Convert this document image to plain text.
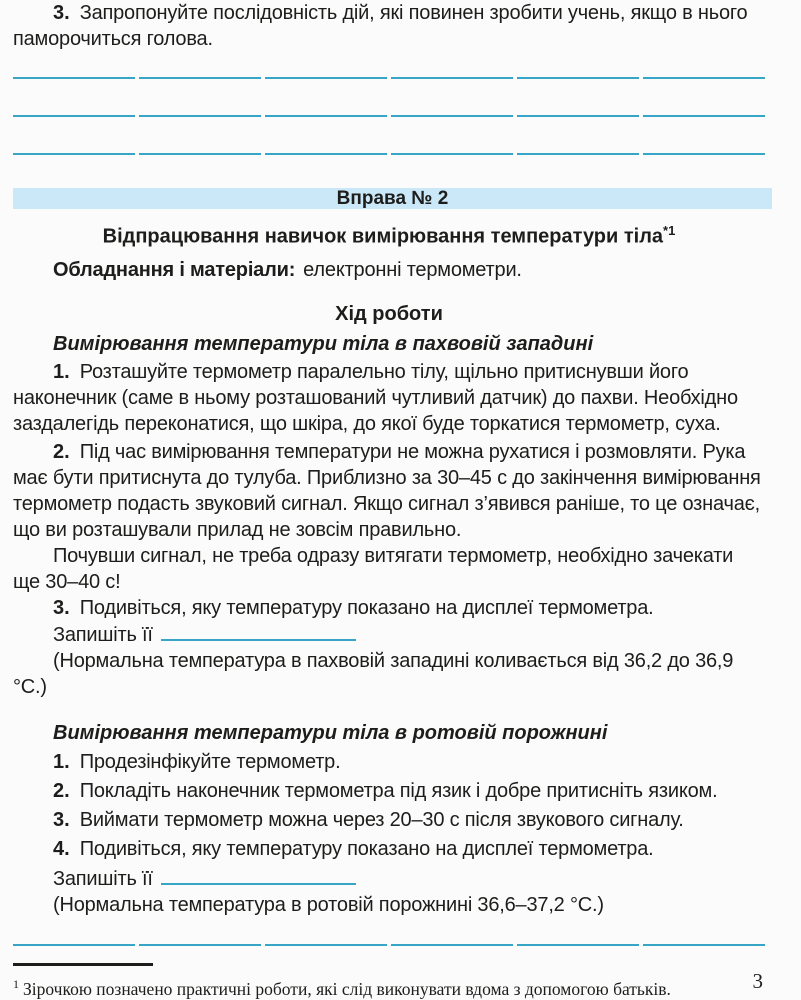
3. Запропонуйте послідовність дій, які повинен зробити учень, якщо в нього паморочиться голова.

Вправа № 2

Відпрацювання навичок вимірювання температури тіла$^{*1}$

Обладнання і матеріали: електронні термометри.

Хід роботи

Вимірювання температури тіла в пахвовій западині

1. Розташуйте термометр паралельно тілу, щільно притиснувши його наконечник (саме в ньому розташований чутливий датчик) до пахви. Необхідно заздалегідь переконатися, що шкіра, до якої буде торкатися термометр, суха.

2. Під час вимірювання температури не можна рухатися і розмовляти. Рука має бути притиснута до тулуба. Приблизно за 30–45 с до закінчення вимірювання термометр подасть звуковий сигнал. Якщо сигнал з’явився раніше, то це означає, що ви розташували прилад не зовсім правильно.

Почувши сигнал, не треба одразу витягати термометр, необхідно зачекати ще 30–40 с!

3. Подивіться, яку температуру показано на дисплеї термометра.

Запишіть її

(Нормальна температура в пахвовій западині коливається від 36,2 до 36,9 °C.)

Вимірювання температури тіла в ротовій порожнині

1. Продезінфікуйте термометр.

2. Покладіть наконечник термометра під язик і добре притисніть язиком.

3. Виймати термометр можна через 20–30 с після звукового сигналу.

4. Подивіться, яку температуру показано на дисплеї термометра.

Запишіть її

(Нормальна температура в ротовій порожнині 36,6–37,2 °C.)

$^1$ Зірочкою позначено практичні роботи, які слід виконувати вдома з допомогою батьків.	3
